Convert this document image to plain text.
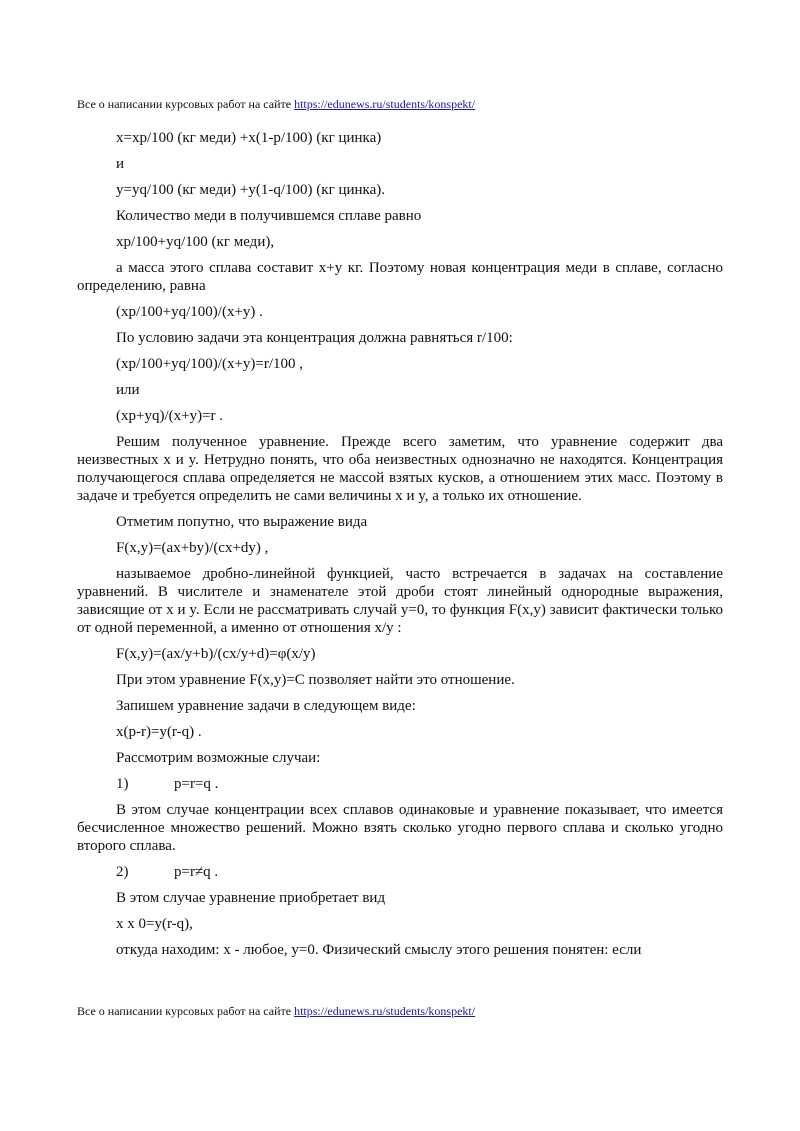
Все о написании курсовых работ на сайте https://edunews.ru/students/konspekt/

x=xp/100 (кг меди) +x(1-p/100) (кг цинка)

и

y=yq/100 (кг меди) +y(1-q/100) (кг цинка).

Количество меди в получившемся сплаве равно

xp/100+yq/100 (кг меди),

а масса этого сплава составит x+y кг. Поэтому новая концентрация меди в сплаве, согласно определению, равна

(xp/100+yq/100)/(x+y) .

По условию задачи эта концентрация должна равняться r/100:

(xp/100+yq/100)/(x+y)=r/100 ,

или

(xp+yq)/(x+y)=r .

Решим полученное уравнение. Прежде всего заметим, что уравнение содержит два неизвестных x и y. Нетрудно понять, что оба неизвестных однозначно не находятся. Концентрация получающегося сплава определяется не массой взятых кусков, а отношением этих масс. Поэтому в задаче и требуется определить не сами величины x и y, а только их отношение.

Отметим попутно, что выражение вида

F(x,y)=(ax+by)/(cx+dy) ,

называемое дробно-линейной функцией, часто встречается в задачах на составление уравнений. В числителе и знаменателе этой дроби стоят линейный однородные выражения, зависящие от x и y. Если не рассматривать случай y=0, то функция F(x,y) зависит фактически только от одной переменной, а именно от отношения x/y :

F(x,y)=(ax/y+b)/(cx/y+d)=φ(x/y)

При этом уравнение F(x,y)=C позволяет найти это отношение.

Запишем уравнение задачи в следующем виде:

x(p-r)=y(r-q) .

Рассмотрим возможные случаи:

1)	p=r=q .

В этом случае концентрации всех сплавов одинаковые и уравнение показывает, что имеется бесчисленное множество решений. Можно взять сколько угодно первого сплава и сколько угодно второго сплава.

2)	p=r≠q .

В этом случае уравнение приобретает вид

x x 0=y(r-q),

откуда находим: x - любое, y=0. Физический смыслу этого решения понятен: если

Все о написании курсовых работ на сайте https://edunews.ru/students/konspekt/
